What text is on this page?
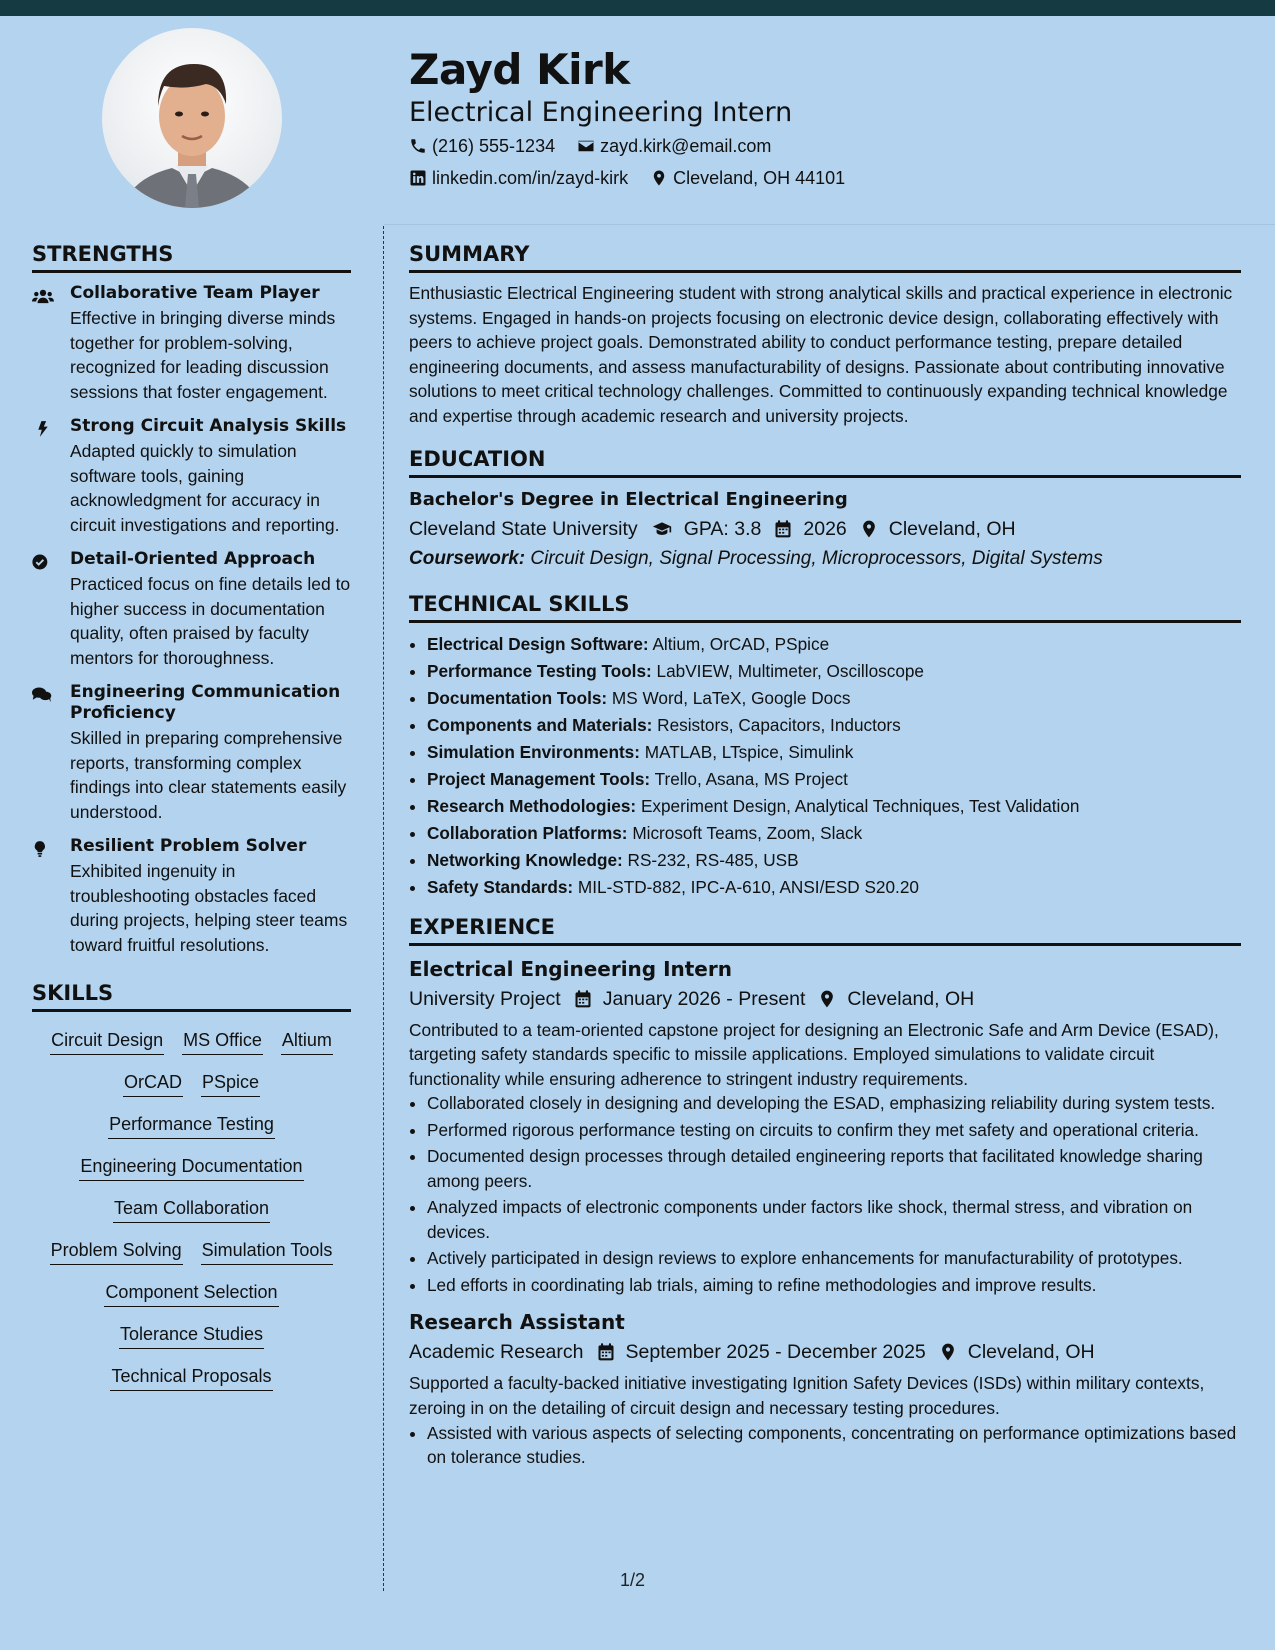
Zayd Kirk
Electrical Engineering Intern
(216) 555-1234	zayd.kirk@email.com
linkedin.com/in/zayd-kirk	Cleveland, OH 44101
STRENGTHS
Collaborative Team Player
Effective in bringing diverse minds together for problem-solving, recognized for leading discussion sessions that foster engagement.
Strong Circuit Analysis Skills
Adapted quickly to simulation software tools, gaining acknowledgment for accuracy in circuit investigations and reporting.
Detail-Oriented Approach
Practiced focus on fine details led to higher success in documentation quality, often praised by faculty mentors for thoroughness.
Engineering Communication Proficiency
Skilled in preparing comprehensive reports, transforming complex findings into clear statements easily understood.
Resilient Problem Solver
Exhibited ingenuity in troubleshooting obstacles faced during projects, helping steer teams toward fruitful resolutions.
SKILLS
Circuit Design MS Office Altium
OrCAD PSpice
Performance Testing
Engineering Documentation
Team Collaboration
Problem Solving Simulation Tools
Component Selection
Tolerance Studies
Technical Proposals
SUMMARY
Enthusiastic Electrical Engineering student with strong analytical skills and practical experience in electronic systems. Engaged in hands-on projects focusing on electronic device design, collaborating effectively with peers to achieve project goals. Demonstrated ability to conduct performance testing, prepare detailed engineering documents, and assess manufacturability of designs. Passionate about contributing innovative solutions to meet critical technology challenges. Committed to continuously expanding technical knowledge and expertise through academic research and university projects.
EDUCATION
Bachelor's Degree in Electrical Engineering
Cleveland State University GPA: 3.8 2026 Cleveland, OH
Coursework: Circuit Design, Signal Processing, Microprocessors, Digital Systems
TECHNICAL SKILLS
• Electrical Design Software: Altium, OrCAD, PSpice
• Performance Testing Tools: LabVIEW, Multimeter, Oscilloscope
• Documentation Tools: MS Word, LaTeX, Google Docs
• Components and Materials: Resistors, Capacitors, Inductors
• Simulation Environments: MATLAB, LTspice, Simulink
• Project Management Tools: Trello, Asana, MS Project
• Research Methodologies: Experiment Design, Analytical Techniques, Test Validation
• Collaboration Platforms: Microsoft Teams, Zoom, Slack
• Networking Knowledge: RS-232, RS-485, USB
• Safety Standards: MIL-STD-882, IPC-A-610, ANSI/ESD S20.20
EXPERIENCE
Electrical Engineering Intern
University Project January 2026 - Present Cleveland, OH
Contributed to a team-oriented capstone project for designing an Electronic Safe and Arm Device (ESAD), targeting safety standards specific to missile applications. Employed simulations to validate circuit functionality while ensuring adherence to stringent industry requirements.
• Collaborated closely in designing and developing the ESAD, emphasizing reliability during system tests.
• Performed rigorous performance testing on circuits to confirm they met safety and operational criteria.
• Documented design processes through detailed engineering reports that facilitated knowledge sharing among peers.
• Analyzed impacts of electronic components under factors like shock, thermal stress, and vibration on devices.
• Actively participated in design reviews to explore enhancements for manufacturability of prototypes.
• Led efforts in coordinating lab trials, aiming to refine methodologies and improve results.
Research Assistant
Academic Research September 2025 - December 2025 Cleveland, OH
Supported a faculty-backed initiative investigating Ignition Safety Devices (ISDs) within military contexts, zeroing in on the detailing of circuit design and necessary testing procedures.
• Assisted with various aspects of selecting components, concentrating on performance optimizations based on tolerance studies.
1/2
